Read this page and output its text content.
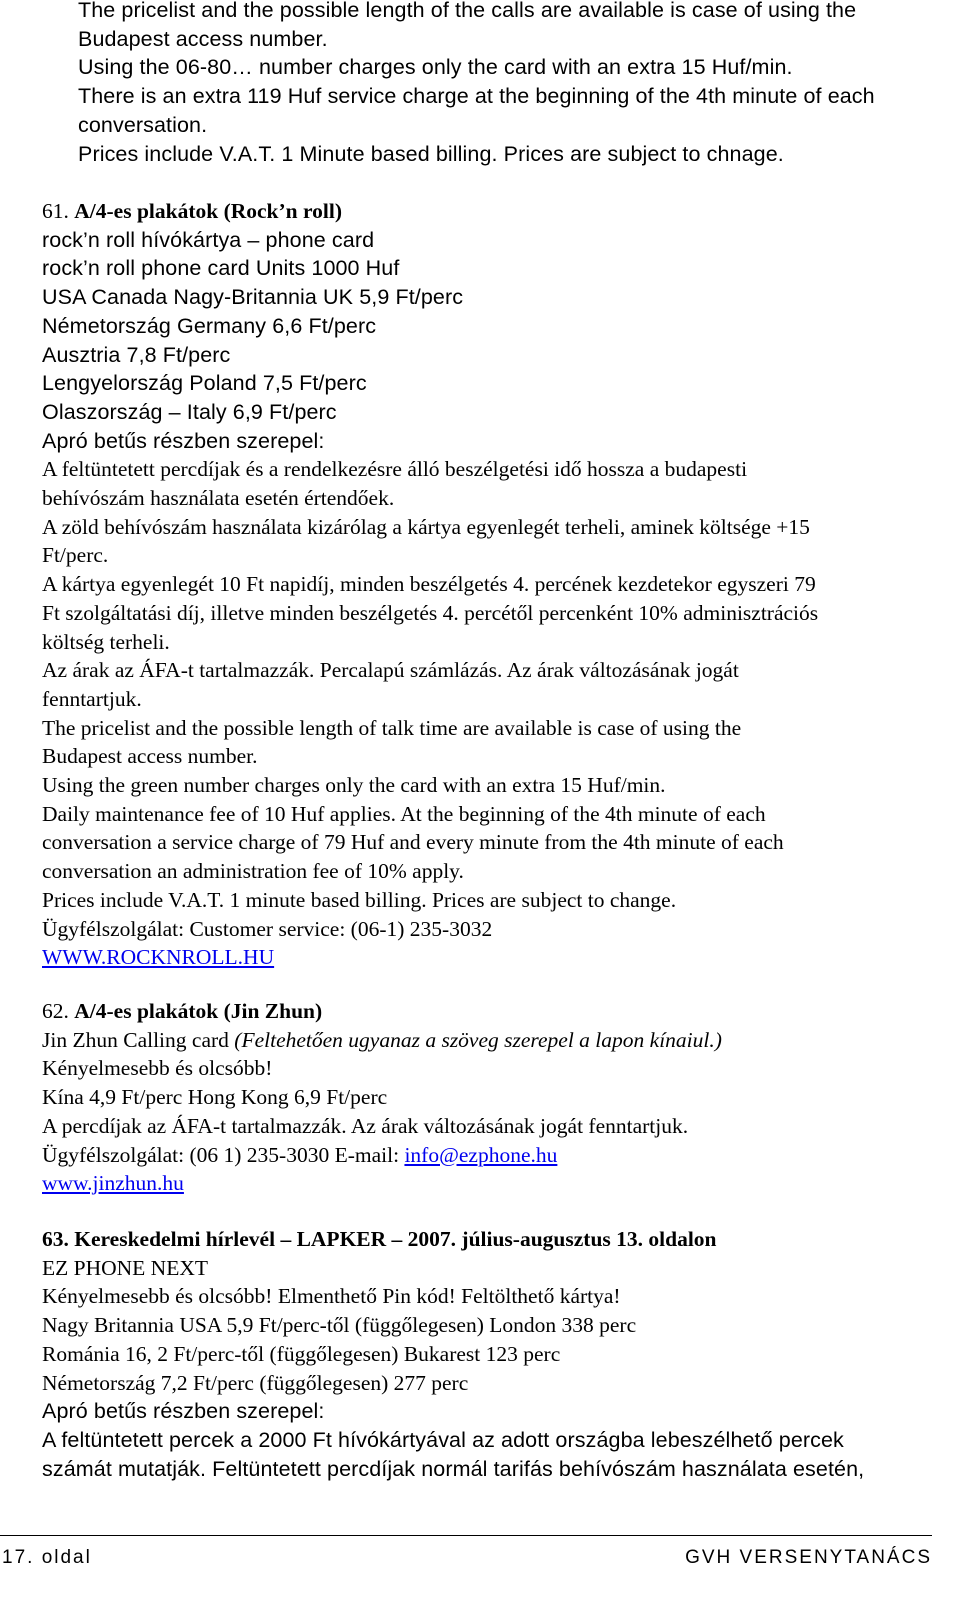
The pricelist and the possible length of the calls are available is case of using the
Budapest access number.
Using the 06-80… number charges only the card with an extra 15 Huf/min.
There is an extra 119 Huf service charge at the beginning of the 4th minute of each
conversation.
Prices include V.A.T. 1 Minute based billing. Prices are subject to chnage.
61. A/4-es plakátok (Rock’n roll)
rock’n roll hívókártya – phone card
rock’n roll phone card Units 1000 Huf
USA Canada Nagy-Britannia UK 5,9 Ft/perc
Németország Germany 6,6 Ft/perc
Ausztria 7,8 Ft/perc
Lengyelország Poland 7,5 Ft/perc
Olaszország – Italy 6,9 Ft/perc
Apró betűs részben szerepel:
A feltüntetett percdíjak és a rendelkezésre álló beszélgetési idő hossza a budapesti
behívószám használata esetén értendőek.
A zöld behívószám használata kizárólag a kártya egyenlegét terheli, aminek költsége +15
Ft/perc.
A kártya egyenlegét 10 Ft napidíj, minden beszélgetés 4. percének kezdetekor egyszeri 79
Ft szolgáltatási díj, illetve minden beszélgetés 4. percétől percenként 10% adminisztrációs
költség terheli.
Az árak az ÁFA-t tartalmazzák. Percalapú számlázás. Az árak változásának jogát
fenntartjuk.
The pricelist and the possible length of talk time are available is case of using the
Budapest access number.
Using the green number charges only the card with an extra 15 Huf/min.
Daily maintenance fee of 10 Huf applies. At the beginning of the 4th minute of each
conversation a service charge of 79 Huf and every minute from the 4th minute of each
conversation an administration fee of 10% apply.
Prices include V.A.T. 1 minute based billing. Prices are subject to change.
Ügyfélszolgálat: Customer service: (06-1) 235-3032
WWW.ROCKNROLL.HU
62. A/4-es plakátok (Jin Zhun)
Jin Zhun Calling card (Feltehetően ugyanaz a szöveg szerepel a lapon kínaiul.)
Kényelmesebb és olcsóbb!
Kína 4,9 Ft/perc Hong Kong 6,9 Ft/perc
A percdíjak az ÁFA-t tartalmazzák. Az árak változásának jogát fenntartjuk.
Ügyfélszolgálat: (06 1) 235-3030 E-mail: info@ezphone.hu
www.jinzhun.hu
63. Kereskedelmi hírlevél – LAPKER – 2007. július-augusztus 13. oldalon
EZ PHONE NEXT
Kényelmesebb és olcsóbb! Elmenthető Pin kód! Feltölthető kártya!
Nagy Britannia USA 5,9 Ft/perc-től (függőlegesen) London 338 perc
Románia 16, 2 Ft/perc-től (függőlegesen) Bukarest 123 perc
Németország 7,2 Ft/perc (függőlegesen) 277 perc
Apró betűs részben szerepel:
A feltüntetett percek a 2000 Ft hívókártyával az adott országba lebeszélhető percek
számát mutatják. Feltüntetett percdíjak normál tarifás behívószám használata esetén,
17. oldal	GVH VERSENYTANÁCS
